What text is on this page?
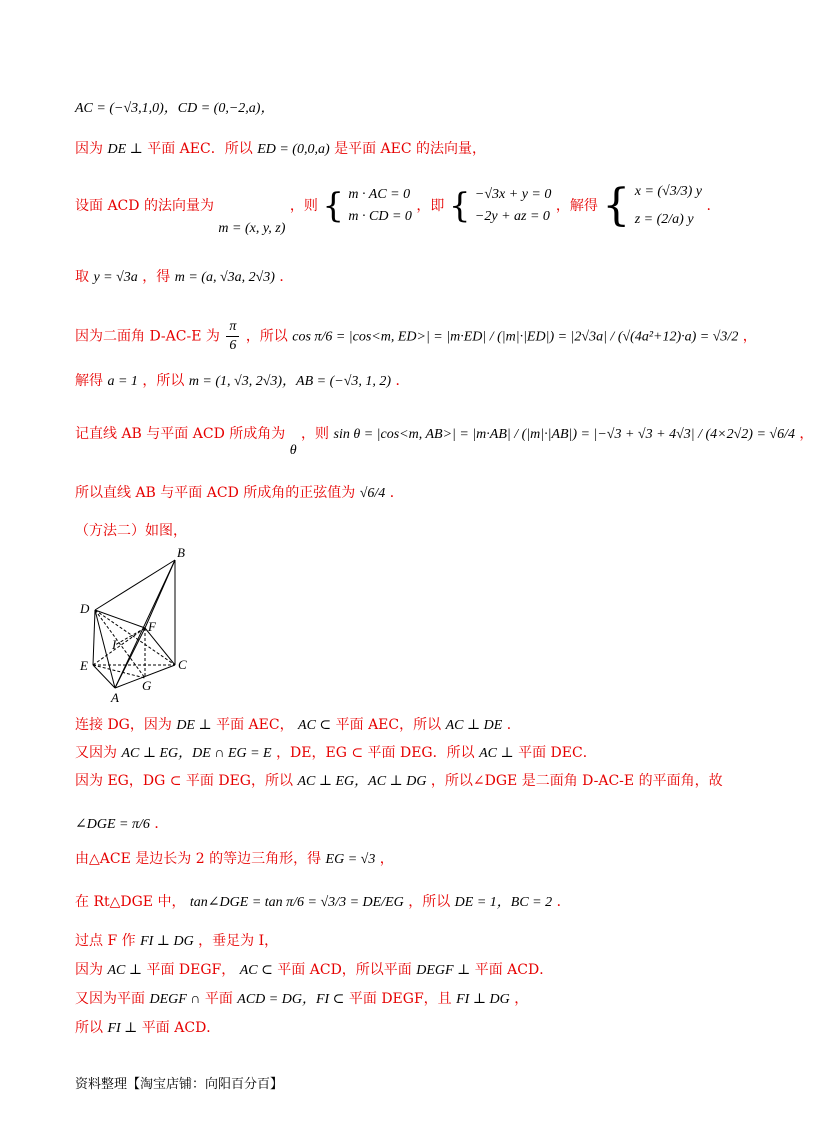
AC = (−√3,1,0)，CD = (0,−2,a)，
因为 DE ⊥ 平面 AEC．所以 ED = (0,0,a) 是平面 AEC 的法向量，
设面 ACD 的法向量为 m = (x, y, z) ，则 { m · AC = 0
m · CD = 0
，即 { −√3x + y = 0
−2y + az = 0
，解得 { x = (√3/3) y
z = (2/a) y
.
取 y = √3a ，得 m = (a, √3a, 2√3) ．
因为二面角 D-AC-E 为 $\frac{\pi}{6}$ ，所以 cos π/6 = |cos<m, ED>| = |m·ED| / (|m|·|ED|) = |2√3a| / (√(4a²+12)·a) = √3/2 ，
解得 a = 1 ，所以 m = (1, √3, 2√3)，AB = (−√3, 1, 2) ．
记直线 AB 与平面 ACD 所成角为 θ ，则 sin θ = |cos<m, AB>| = |m·AB| / (|m|·|AB|) = |−√3 + √3 + 4√3| / (4×2√2) = √6/4 ，
所以直线 AB 与平面 ACD 所成角的正弦值为 √6/4 ．
（方法二）如图，
B
D
F
I
E	C
G
A
连接 DG，因为 DE ⊥ 平面 AEC， AC ⊂ 平面 AEC，所以 AC ⊥ DE ．
又因为 AC ⊥ EG，DE ∩ EG = E ，DE，EG ⊂ 平面 DEG．所以 AC ⊥ 平面 DEC．
因为 EG，DG ⊂ 平面 DEG，所以 AC ⊥ EG，AC ⊥ DG ，所以∠DGE 是二面角 D-AC-E 的平面角，故
∠DGE = π/6 ．
由△ACE 是边长为 2 的等边三角形，得 EG = √3 ，
在 Rt△DGE 中， tan∠DGE = tan π/6 = √3/3 = DE/EG ，所以 DE = 1，BC = 2 ．
过点 F 作 FI ⊥ DG ，垂足为 I，
因为 AC ⊥ 平面 DEGF， AC ⊂ 平面 ACD，所以平面 DEGF ⊥ 平面 ACD．
又因为平面 DEGF ∩ 平面 ACD = DG，FI ⊂ 平面 DEGF，且 FI ⊥ DG ，
所以 FI ⊥ 平面 ACD．
资料整理【淘宝店铺：向阳百分百】
